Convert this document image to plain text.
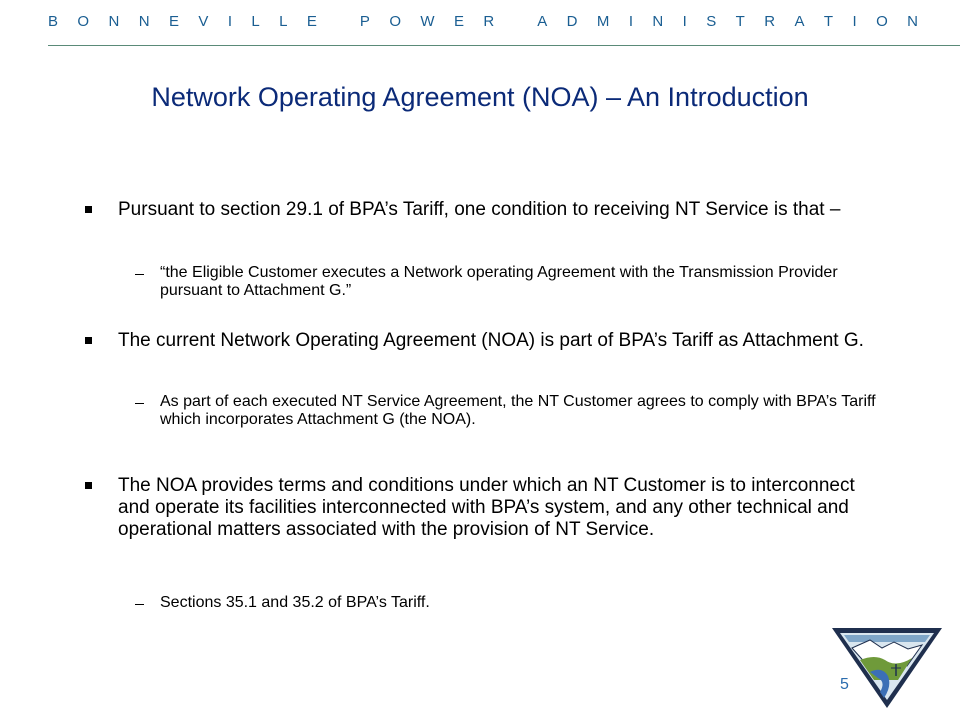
B O N N E V I L L E
	P O W E R
	A D M I N I S T R A T I O N
Network Operating Agreement (NOA) – An Introduction
Pursuant to section 29.1 of BPA’s Tariff, one condition to receiving NT Service is that –
“the Eligible Customer executes a Network operating Agreement with the Transmission Provider pursuant to Attachment G.”
The current Network Operating Agreement (NOA) is part of BPA’s Tariff as Attachment G.
As part of each executed NT Service Agreement, the NT Customer agrees to comply with BPA’s Tariff which incorporates Attachment G (the NOA).
The NOA provides terms and conditions under which an NT Customer is to interconnect and operate its facilities interconnected with BPA’s system, and any other technical and operational matters associated with the provision of NT Service.
Sections 35.1 and 35.2 of BPA’s Tariff.
5
